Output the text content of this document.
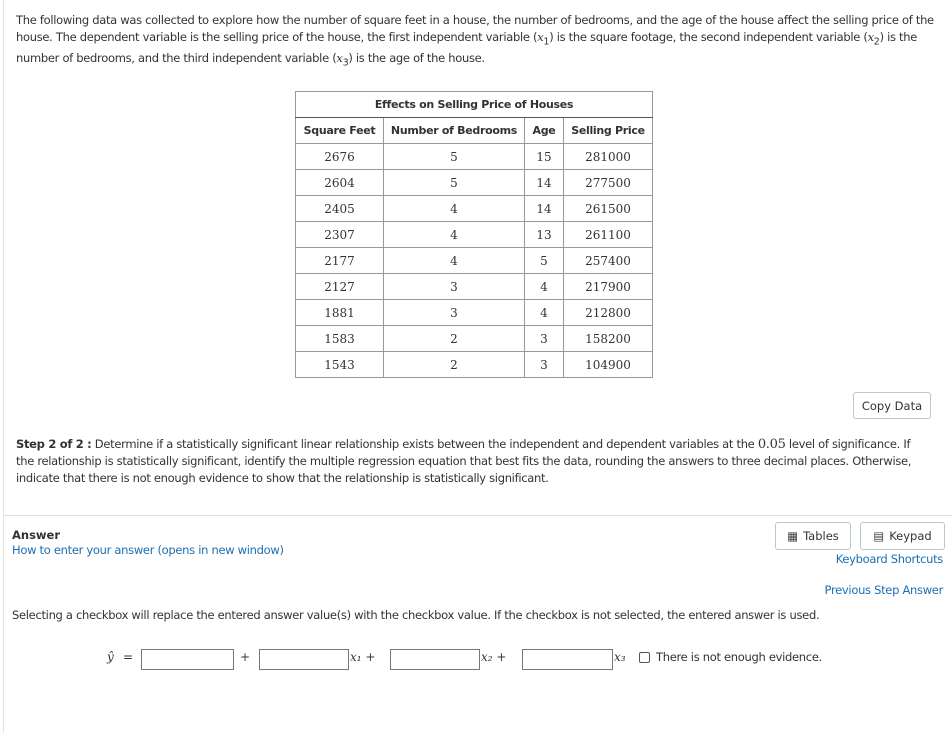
The following data was collected to explore how the number of square feet in a house, the number of bedrooms, and the age of the house affect the selling price of the house. The dependent variable is the selling price of the house, the first independent variable $(x_1)$ is the square footage, the second independent variable $(x_2)$ is the number of bedrooms, and the third independent variable $(x_3)$ is the age of the house.
Effects on Selling Price of Houses			
Square Feet	Number of Bedrooms	Age	Selling Price
2676	5	15	281000
2604	5	14	277500
2405	4	14	261500
2307	4	13	261100
2177	4	5	257400
2127	3	4	217900
1881	3	4	212800
1583	2	3	158200
1543	2	3	104900
Copy Data
Step 2 of 2 : Determine if a statistically significant linear relationship exists between the independent and dependent variables at the 0.05 level of significance. If the relationship is statistically significant, identify the multiple regression equation that best fits the data, rounding the answers to three decimal places. Otherwise, indicate that there is not enough evidence to show that the relationship is statistically significant.
Answer
How to enter your answer (opens in new window)
▦ Tables	▤ Keypad
Keyboard Shortcuts
Previous Step Answer
Selecting a checkbox will replace the entered answer value(s) with the checkbox value. If the checkbox is not selected, the entered answer is used.
ŷ =	+	x₁ +	x₂ +	x₃	There is not enough evidence.
